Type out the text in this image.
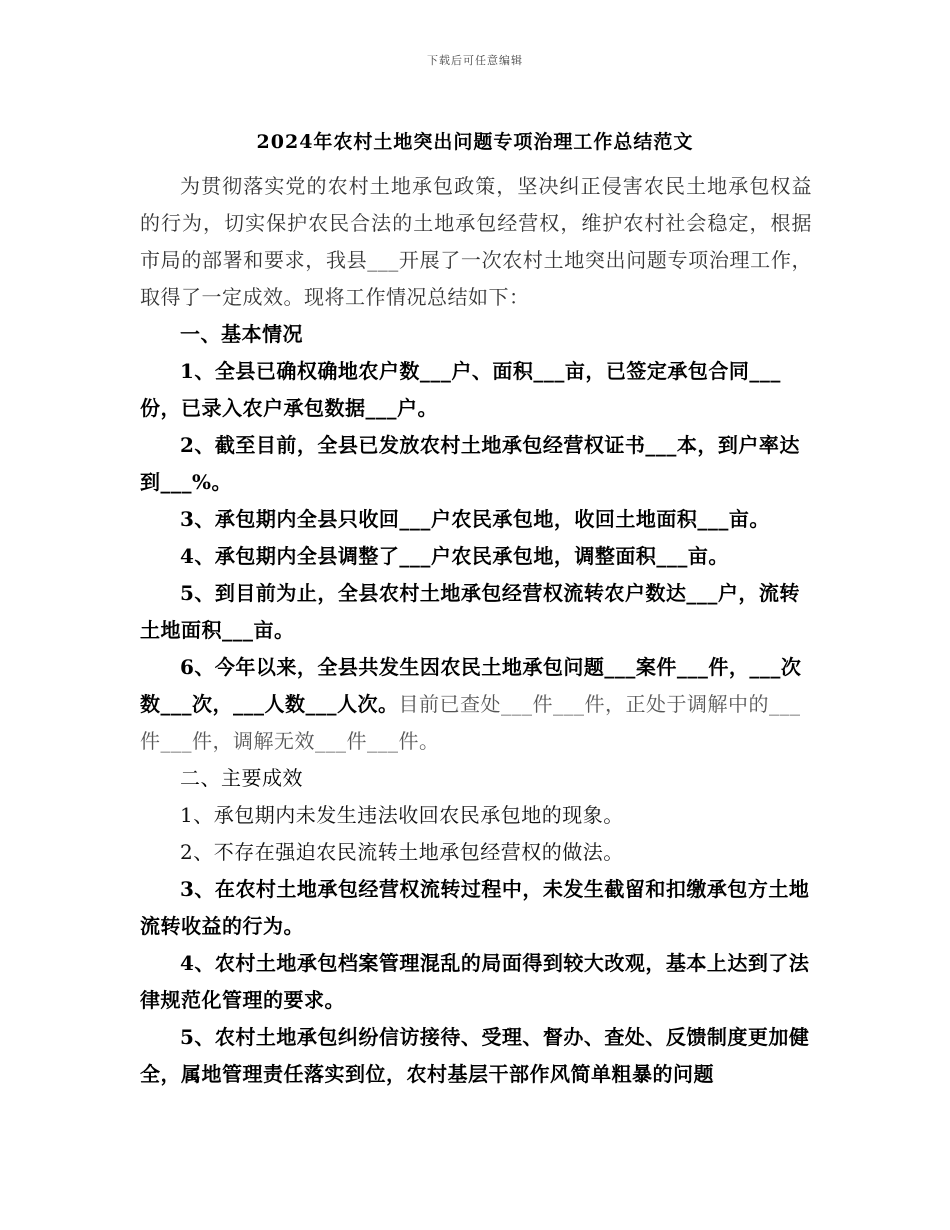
下载后可任意编辑
2024年农村土地突出问题专项治理工作总结范文

为贯彻落实党的农村土地承包政策，坚决纠正侵害农民土地承包权益的行为，切实保护农民合法的土地承包经营权，维护农村社会稳定，根据市局的部署和要求，我县___开展了一次农村土地突出问题专项治理工作，取得了一定成效。现将工作情况总结如下：

一、基本情况

1、全县已确权确地农户数___户、面积___亩，已签定承包合同___份，已录入农户承包数据___户。

2、截至目前，全县已发放农村土地承包经营权证书___本，到户率达到___%。

3、承包期内全县只收回___户农民承包地，收回土地面积___亩。

4、承包期内全县调整了___户农民承包地，调整面积___亩。

5、到目前为止，全县农村土地承包经营权流转农户数达___户，流转土地面积___亩。

6、今年以来，全县共发生因农民土地承包问题___案件___件，___次数___次，___人数___人次。目前已查处___件___件，正处于调解中的___件___件，调解无效___件___件。

二、主要成效

1、承包期内未发生违法收回农民承包地的现象。

2、不存在强迫农民流转土地承包经营权的做法。

3、在农村土地承包经营权流转过程中，未发生截留和扣缴承包方土地流转收益的行为。

4、农村土地承包档案管理混乱的局面得到较大改观，基本上达到了法律规范化管理的要求。

5、农村土地承包纠纷信访接待、受理、督办、查处、反馈制度更加健全，属地管理责任落实到位，农村基层干部作风简单粗暴的问题
